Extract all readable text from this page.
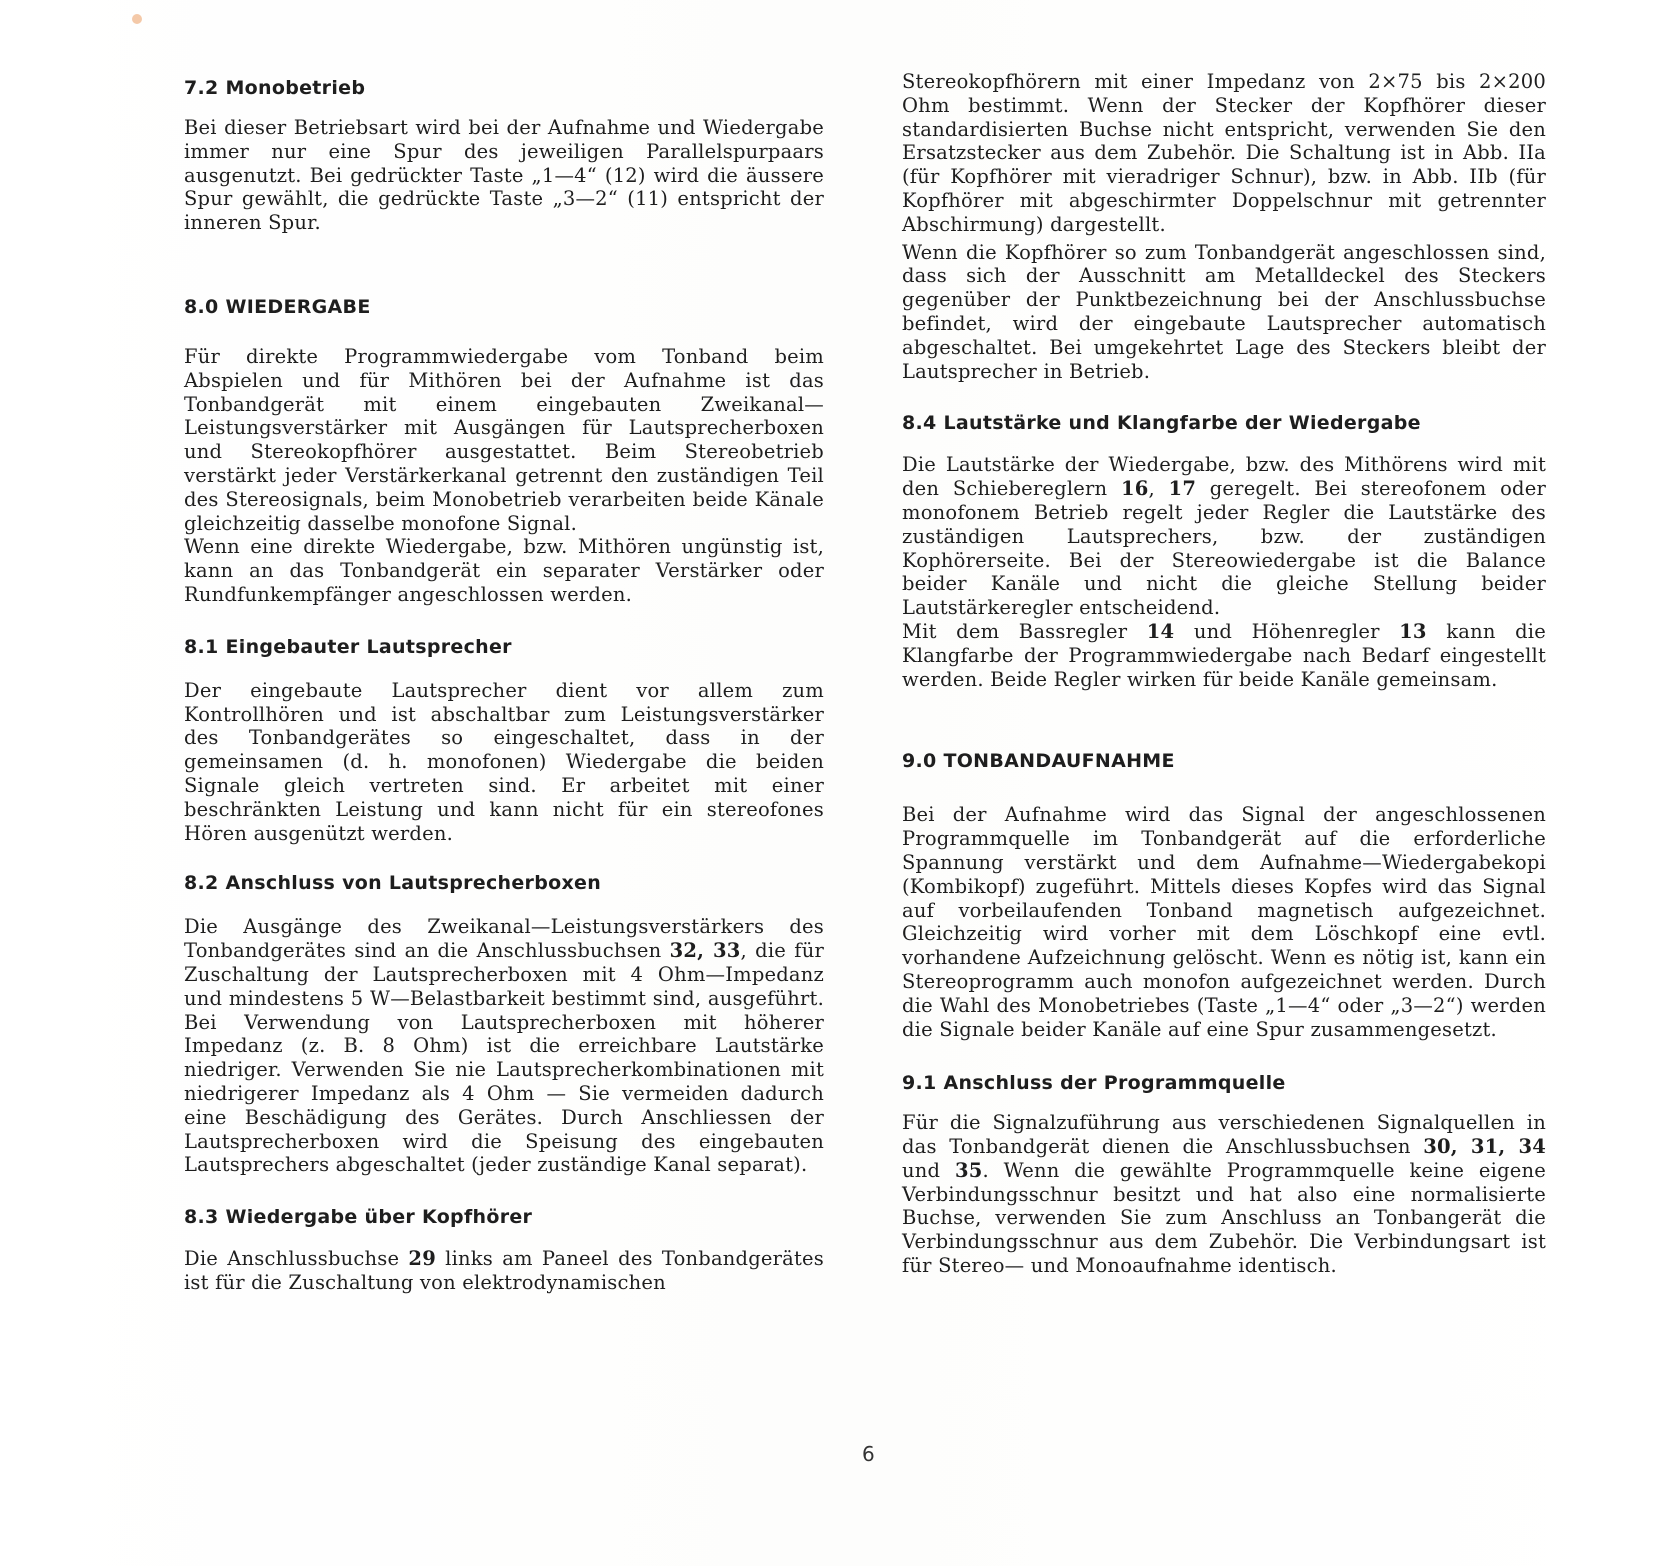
7.2 Monobetrieb

Bei dieser Betriebsart wird bei der Aufnahme und Wiedergabe immer nur eine Spur des jeweiligen Parallelspurpaars ausgenutzt. Bei gedrückter Taste „1—4“ (12) wird die äussere Spur gewählt, die gedrückte Taste „3—2“ (11) entspricht der inneren Spur.

8.0 WIEDERGABE

Für direkte Programmwiedergabe vom Tonband beim Abspielen und für Mithören bei der Aufnahme ist das Tonbandgerät mit einem eingebauten Zweikanal—Leistungsverstärker mit Ausgängen für Lautsprecherboxen und Stereokopfhörer ausgestattet. Beim Stereobetrieb verstärkt jeder Verstärkerkanal getrennt den zuständigen Teil des Stereosignals, beim Monobetrieb verarbeiten beide Känale gleichzeitig dasselbe monofone Signal.

Wenn eine direkte Wiedergabe, bzw. Mithören ungünstig ist, kann an das Tonbandgerät ein separater Verstärker oder Rundfunkempfänger angeschlossen werden.

8.1 Eingebauter Lautsprecher

Der eingebaute Lautsprecher dient vor allem zum Kontrollhören und ist abschaltbar zum Leistungsverstärker des Tonbandgerätes so eingeschaltet, dass in der gemeinsamen (d. h. monofonen) Wiedergabe die beiden Signale gleich vertreten sind. Er arbeitet mit einer beschränkten Leistung und kann nicht für ein stereofones Hören ausgenützt werden.

8.2 Anschluss von Lautsprecherboxen

Die Ausgänge des Zweikanal—Leistungsverstärkers des Tonbandgerätes sind an die Anschlussbuchsen 32, 33, die für Zuschaltung der Lautsprecherboxen mit 4 Ohm—Impedanz und mindestens 5 W—Belastbarkeit bestimmt sind, ausgeführt. Bei Verwendung von Lautsprecherboxen mit höherer Impedanz (z. B. 8 Ohm) ist die erreichbare Lautstärke niedriger. Verwenden Sie nie Lautsprecherkombinationen mit niedrigerer Impedanz als 4 Ohm — Sie vermeiden dadurch eine Beschädigung des Gerätes. Durch Anschliessen der Lautsprecherboxen wird die Speisung des eingebauten Lautsprechers abgeschaltet (jeder zuständige Kanal separat).

8.3 Wiedergabe über Kopfhörer

Die Anschlussbuchse 29 links am Paneel des Tonbandgerätes ist für die Zuschaltung von elektrodynamischen

Stereokopfhörern mit einer Impedanz von 2×75 bis 2×200 Ohm bestimmt. Wenn der Stecker der Kopfhörer dieser standardisierten Buchse nicht entspricht, verwenden Sie den Ersatzstecker aus dem Zubehör. Die Schaltung ist in Abb. IIa (für Kopfhörer mit vieradriger Schnur), bzw. in Abb. IIb (für Kopfhörer mit abgeschirmter Doppelschnur mit getrennter Abschirmung) dargestellt.

Wenn die Kopfhörer so zum Tonbandgerät angeschlossen sind, dass sich der Ausschnitt am Metalldeckel des Steckers gegenüber der Punktbezeichnung bei der Anschlussbuchse befindet, wird der eingebaute Lautsprecher automatisch abgeschaltet. Bei umgekehrtet Lage des Steckers bleibt der Lautsprecher in Betrieb.

8.4 Lautstärke und Klangfarbe der Wiedergabe

Die Lautstärke der Wiedergabe, bzw. des Mithörens wird mit den Schiebereglern 16, 17 geregelt. Bei stereofonem oder monofonem Betrieb regelt jeder Regler die Lautstärke des zuständigen Lautsprechers, bzw. der zuständigen Kophörerseite. Bei der Stereowiedergabe ist die Balance beider Kanäle und nicht die gleiche Stellung beider Lautstärkeregler entscheidend.

Mit dem Bassregler 14 und Höhenregler 13 kann die Klangfarbe der Programmwiedergabe nach Bedarf eingestellt werden. Beide Regler wirken für beide Kanäle gemeinsam.

9.0 TONBANDAUFNAHME

Bei der Aufnahme wird das Signal der angeschlossenen Programmquelle im Tonbandgerät auf die erforderliche Spannung verstärkt und dem Aufnahme—Wiedergabekopi (Kombikopf) zugeführt. Mittels dieses Kopfes wird das Signal auf vorbeilaufenden Tonband magnetisch aufgezeichnet. Gleichzeitig wird vorher mit dem Löschkopf eine evtl. vorhandene Aufzeichnung gelöscht. Wenn es nötig ist, kann ein Stereoprogramm auch monofon aufgezeichnet werden. Durch die Wahl des Monobetriebes (Taste „1—4“ oder „3—2“) werden die Signale beider Kanäle auf eine Spur zusammengesetzt.

9.1 Anschluss der Programmquelle

Für die Signalzuführung aus verschiedenen Signalquellen in das Tonbandgerät dienen die Anschlussbuchsen 30, 31, 34 und 35. Wenn die gewählte Programmquelle keine eigene Verbindungsschnur besitzt und hat also eine normalisierte Buchse, verwenden Sie zum Anschluss an Tonbangerät die Verbindungsschnur aus dem Zubehör. Die Verbindungsart ist für Stereo— und Monoaufnahme identisch.

6
